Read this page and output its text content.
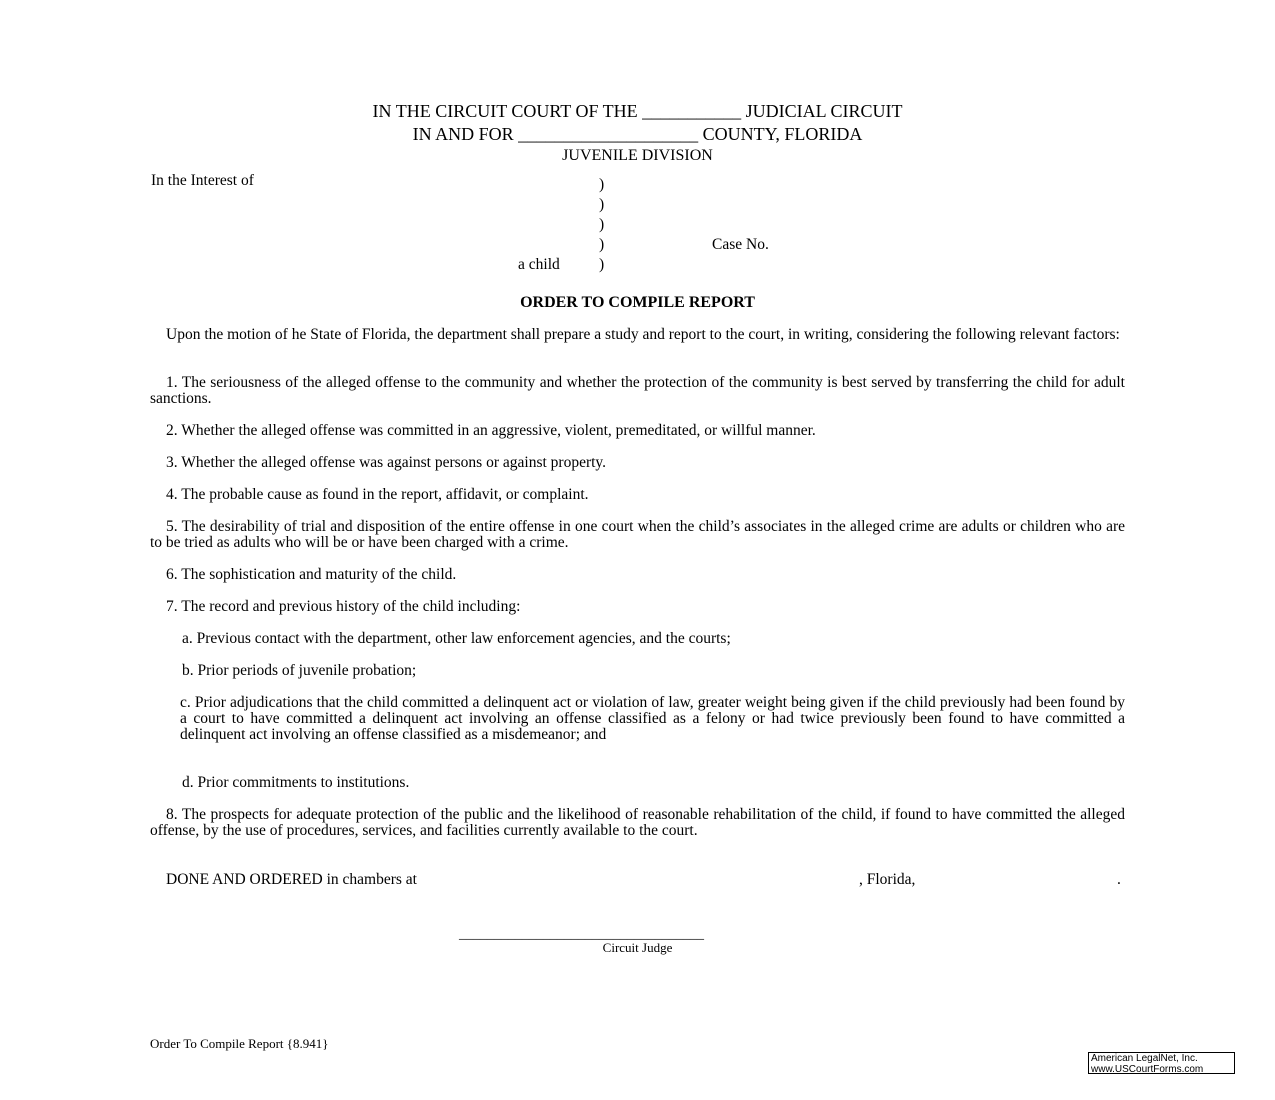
IN THE CIRCUIT COURT OF THE ___________ JUDICIAL CIRCUIT
IN AND FOR ____________________ COUNTY, FLORIDA
JUVENILE DIVISION
In the Interest of	)
)
)
)	Case No.
a child	)
ORDER TO COMPILE REPORT
Upon the motion of he State of Florida, the department shall prepare a study and report to the court, in writing, considering the following relevant factors:
1. The seriousness of the alleged offense to the community and whether the protection of the community is best served by transferring the child for adult sanctions.
2. Whether the alleged offense was committed in an aggressive, violent, premeditated, or willful manner.
3. Whether the alleged offense was against persons or against property.
4. The probable cause as found in the report, affidavit, or complaint.
5. The desirability of trial and disposition of the entire offense in one court when the child’s associates in the alleged crime are adults or children who are to be tried as adults who will be or have been charged with a crime.
6. The sophistication and maturity of the child.
7. The record and previous history of the child including:
a. Previous contact with the department, other law enforcement agencies, and the courts;
b. Prior periods of juvenile probation;
c. Prior adjudications that the child committed a delinquent act or violation of law, greater weight being given if the child previously had been found by a court to have committed a delinquent act involving an offense classified as a felony or had twice previously been found to have committed a delinquent act involving an offense classified as a misdemeanor; and
d. Prior commitments to institutions.
8. The prospects for adequate protection of the public and the likelihood of reasonable rehabilitation of the child, if found to have committed the alleged offense, by the use of procedures, services, and facilities currently available to the court.
DONE AND ORDERED in chambers at	, Florida,	.
___________________________________
Circuit Judge
Order To Compile Report {8.941}
American LegalNet, Inc.
www.USCourtForms.com
